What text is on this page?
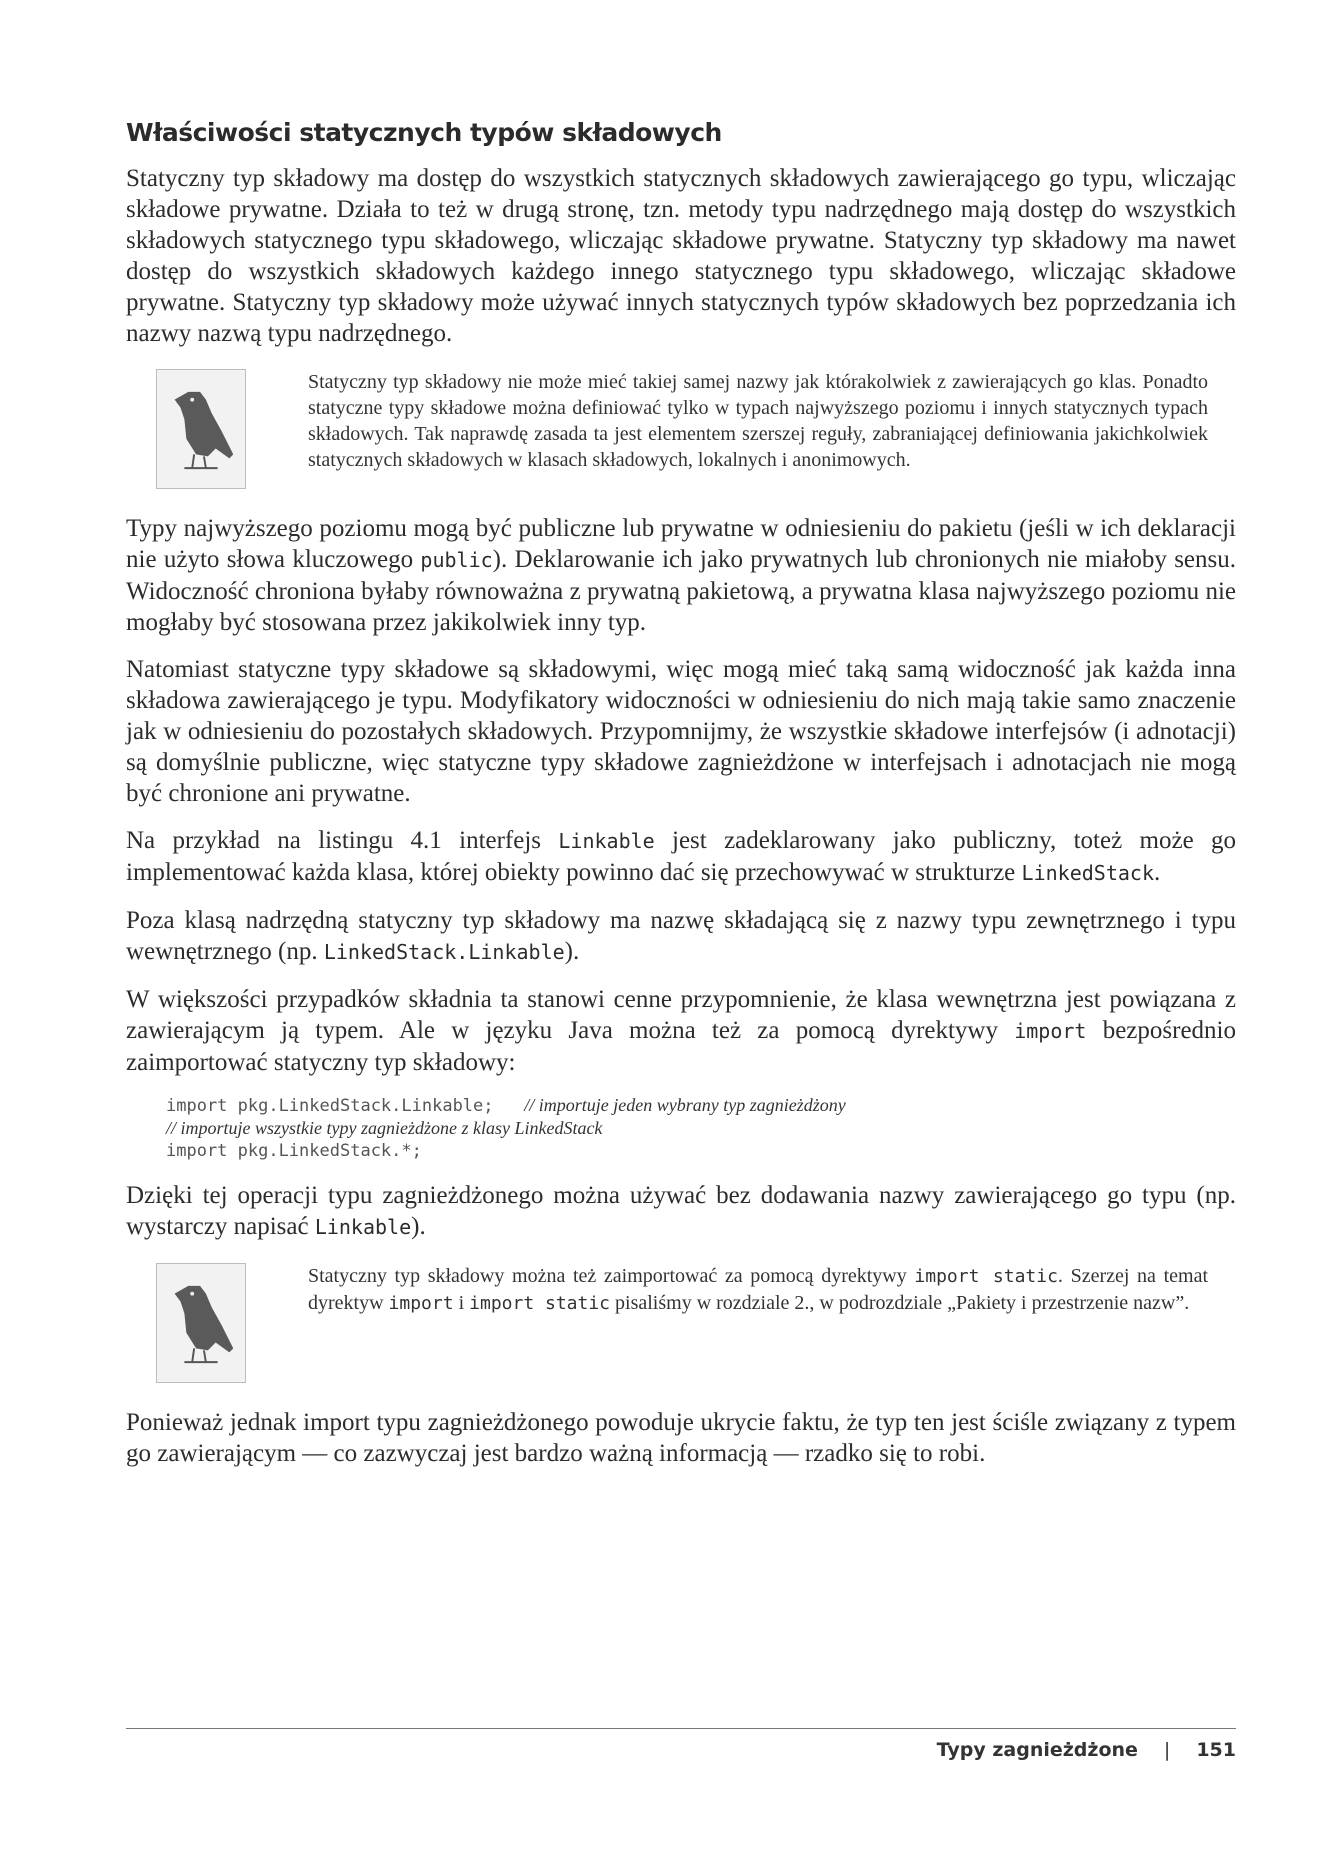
Właściwości statycznych typów składowych

Statyczny typ składowy ma dostęp do wszystkich statycznych składowych zawierającego go typu, wliczając składowe prywatne. Działa to też w drugą stronę, tzn. metody typu nadrzędnego mają dostęp do wszystkich składowych statycznego typu składowego, wliczając składowe prywatne. Statyczny typ składowy ma nawet dostęp do wszystkich składowych każdego innego statycznego typu składowego, wliczając składowe prywatne. Statyczny typ składowy może używać innych statycznych typów składowych bez poprzedzania ich nazwy nazwą typu nadrzędnego.

Statyczny typ składowy nie może mieć takiej samej nazwy jak którakolwiek z zawierających go klas. Ponadto statyczne typy składowe można definiować tylko w typach najwyższego poziomu i innych statycznych typach składowych. Tak naprawdę zasada ta jest elementem szerszej reguły, zabraniającej definiowania jakichkolwiek statycznych składowych w klasach składowych, lokalnych i anonimowych.

Typy najwyższego poziomu mogą być publiczne lub prywatne w odniesieniu do pakietu (jeśli w ich deklaracji nie użyto słowa kluczowego public). Deklarowanie ich jako prywatnych lub chronionych nie miałoby sensu. Widoczność chroniona byłaby równoważna z prywatną pakietową, a prywatna klasa najwyższego poziomu nie mogłaby być stosowana przez jakikolwiek inny typ.

Natomiast statyczne typy składowe są składowymi, więc mogą mieć taką samą widoczność jak każda inna składowa zawierającego je typu. Modyfikatory widoczności w odniesieniu do nich mają takie samo znaczenie jak w odniesieniu do pozostałych składowych. Przypomnijmy, że wszystkie składowe interfejsów (i adnotacji) są domyślnie publiczne, więc statyczne typy składowe zagnieżdżone w interfejsach i adnotacjach nie mogą być chronione ani prywatne.

Na przykład na listingu 4.1 interfejs Linkable jest zadeklarowany jako publiczny, toteż może go implementować każda klasa, której obiekty powinno dać się przechowywać w strukturze LinkedStack.

Poza klasą nadrzędną statyczny typ składowy ma nazwę składającą się z nazwy typu zewnętrznego i typu wewnętrznego (np. LinkedStack.Linkable).

W większości przypadków składnia ta stanowi cenne przypomnienie, że klasa wewnętrzna jest powiązana z zawierającym ją typem. Ale w języku Java można też za pomocą dyrektywy import bezpośrednio zaimportować statyczny typ składowy:

import pkg.LinkedStack.Linkable; // importuje jeden wybrany typ zagnieżdżony
// importuje wszystkie typy zagnieżdżone z klasy LinkedStack
import pkg.LinkedStack.*;

Dzięki tej operacji typu zagnieżdżonego można używać bez dodawania nazwy zawierającego go typu (np. wystarczy napisać Linkable).

Statyczny typ składowy można też zaimportować za pomocą dyrektywy import static. Szerzej na temat dyrektyw import i import static pisaliśmy w rozdziale 2., w podrozdziale „Pakiety i przestrzenie nazw”.

Ponieważ jednak import typu zagnieżdżonego powoduje ukrycie faktu, że typ ten jest ściśle związany z typem go zawierającym — co zazwyczaj jest bardzo ważną informacją — rzadko się to robi.

Typy zagnieżdżone | 151
